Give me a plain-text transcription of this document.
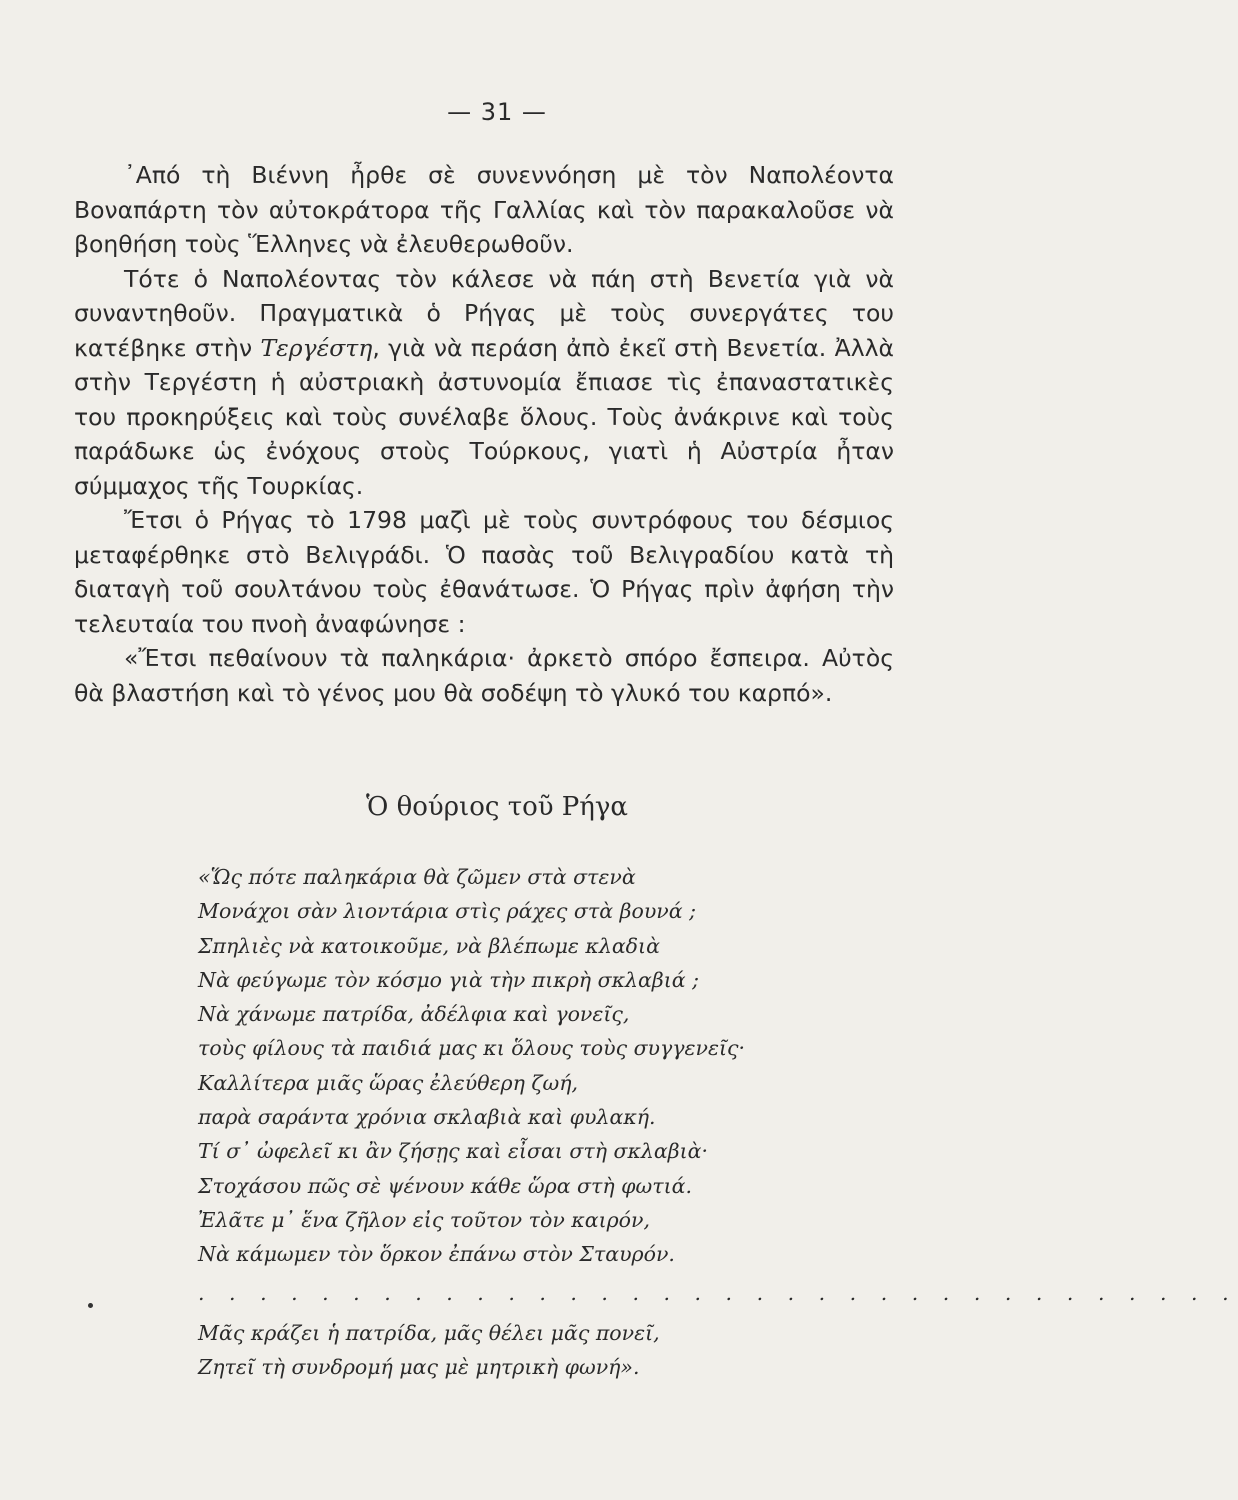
— 31 —

᾿Από τὴ Βιέννη ἦρθε σὲ συνεννόηση μὲ τὸν Ναπολέοντα Βοναπάρτη τὸν αὐτοκράτορα τῆς Γαλλίας καὶ τὸν παρακαλοῦσε νὰ βοηθήση τοὺς Ἕλληνες νὰ ἐλευθερωθοῦν.

Τότε ὁ Ναπολέοντας τὸν κάλεσε νὰ πάη στὴ Βενετία γιὰ νὰ συναντηθοῦν. Πραγματικὰ ὁ Ρήγας μὲ τοὺς συνεργάτες του κατέβηκε στὴν Τεργέστη, γιὰ νὰ περάση ἀπὸ ἐκεῖ στὴ Βενετία. Ἀλλὰ στὴν Τεργέστη ἡ αὐστριακὴ ἀστυνομία ἔπιασε τὶς ἐπαναστατικὲς του προκηρύξεις καὶ τοὺς συνέλαβε ὅλους. Τοὺς ἀνάκρινε καὶ τοὺς παράδωκε ὡς ἐνόχους στοὺς Τούρκους, γιατὶ ἡ Αὐστρία ἦταν σύμμαχος τῆς Τουρκίας.

Ἔτσι ὁ Ρήγας τὸ 1798 μαζὶ μὲ τοὺς συντρόφους του δέσμιος μεταφέρθηκε στὸ Βελιγράδι. Ὁ πασὰς τοῦ Βελιγραδίου κατὰ τὴ διαταγὴ τοῦ σουλτάνου τοὺς ἐθανάτωσε. Ὁ Ρήγας πρὶν ἀφήση τὴν τελευταία του πνοὴ ἀναφώνησε :

«Ἔτσι πεθαίνουν τὰ παληκάρια· ἀρκετὸ σπόρο ἔσπειρα. Αὐτὸς θὰ βλαστήση καὶ τὸ γένος μου θὰ σοδέψη τὸ γλυκό του καρπό».

Ὁ θούριος τοῦ Ρήγα
«Ὥς πότε παληκάρια θὰ ζῶμεν στὰ στενὰ
Μονάχοι σὰν λιοντάρια στὶς ράχες στὰ βουνά ;
Σπηλιὲς νὰ κατοικοῦμε, νὰ βλέπωμε κλαδιὰ
Νὰ φεύγωμε τὸν κόσμο γιὰ τὴν πικρὴ σκλαβιά ;
Νὰ χάνωμε πατρίδα, ἀδέλφια καὶ γονεῖς,
τοὺς φίλους τὰ παιδιά μας κι ὅλους τοὺς συγγενεῖς·
Καλλίτερα μιᾶς ὥρας ἐλεύθερη ζωή,
παρὰ σαράντα χρόνια σκλαβιὰ καὶ φυλακή.
Τί σ᾿ ὠφελεῖ κι ἂν ζήσῃς καὶ εἶσαι στὴ σκλαβιὰ·
Στοχάσου πῶς σὲ ψένουν κάθε ὥρα στὴ φωτιά.
Ἐλᾶτε μ᾿ ἕνα ζῆλον εἰς τοῦτον τὸν καιρόν,
Νὰ κάμωμεν τὸν ὅρκον ἐπάνω στὸν Σταυρόν.
. . . . . . . . . . . . . . . . . . . . . . . . . . . . . . . . . .
Μᾶς κράζει ἡ πατρίδα, μᾶς θέλει μᾶς πονεῖ,
Ζητεῖ τὴ συνδρομή μας μὲ μητρικὴ φωνή».
